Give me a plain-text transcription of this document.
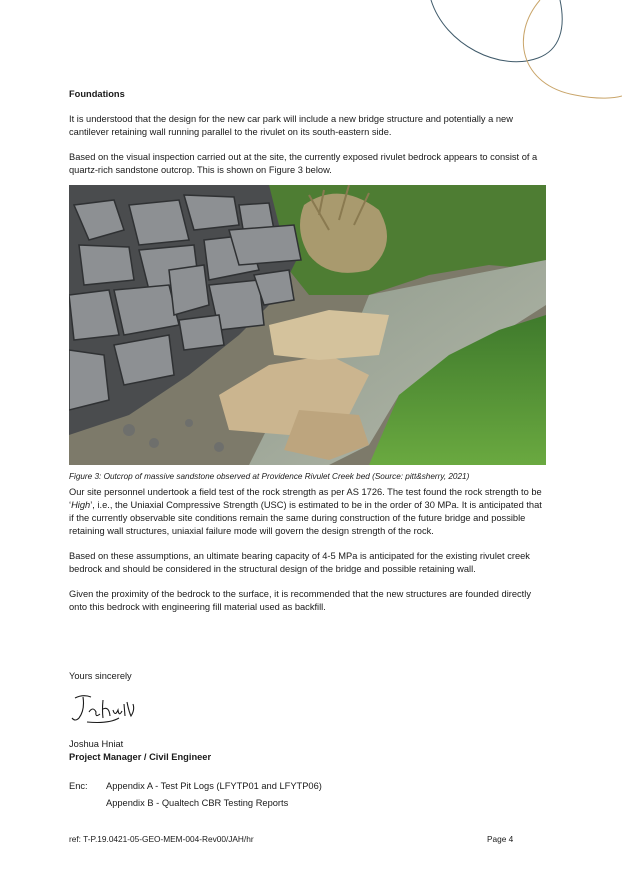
Foundations

It is understood that the design for the new car park will include a new bridge structure and potentially a new cantilever retaining wall running parallel to the rivulet on its south-eastern side.

Based on the visual inspection carried out at the site, the currently exposed rivulet bedrock appears to consist of a quartz-rich sandstone outcrop. This is shown on Figure 3 below.

Figure 3: Outcrop of massive sandstone observed at Providence Rivulet Creek bed (Source: pitt&sherry, 2021)

Our site personnel undertook a field test of the rock strength as per AS 1726. The test found the rock strength to be ‘High’, i.e., the Uniaxial Compressive Strength (USC) is estimated to be in the order of 30 MPa. It is anticipated that if the currently observable site conditions remain the same during construction of the future bridge and possible retaining wall structures, uniaxial failure mode will govern the design strength of the rock.

Based on these assumptions, an ultimate bearing capacity of 4-5 MPa is anticipated for the existing rivulet creek bedrock and should be considered in the structural design of the bridge and possible retaining wall.

Given the proximity of the bedrock to the surface, it is recommended that the new structures are founded directly onto this bedrock with engineering fill material used as backfill.

Yours sincerely
Joshua Hniat
Project Manager / Civil Engineer
Enc: Appendix A - Test Pit Logs (LFYTP01 and LFYTP06)
Appendix B - Qualtech CBR Testing Reports
ref: T-P.19.0421-05-GEO-MEM-004-Rev00/JAH/hr	Page 4
